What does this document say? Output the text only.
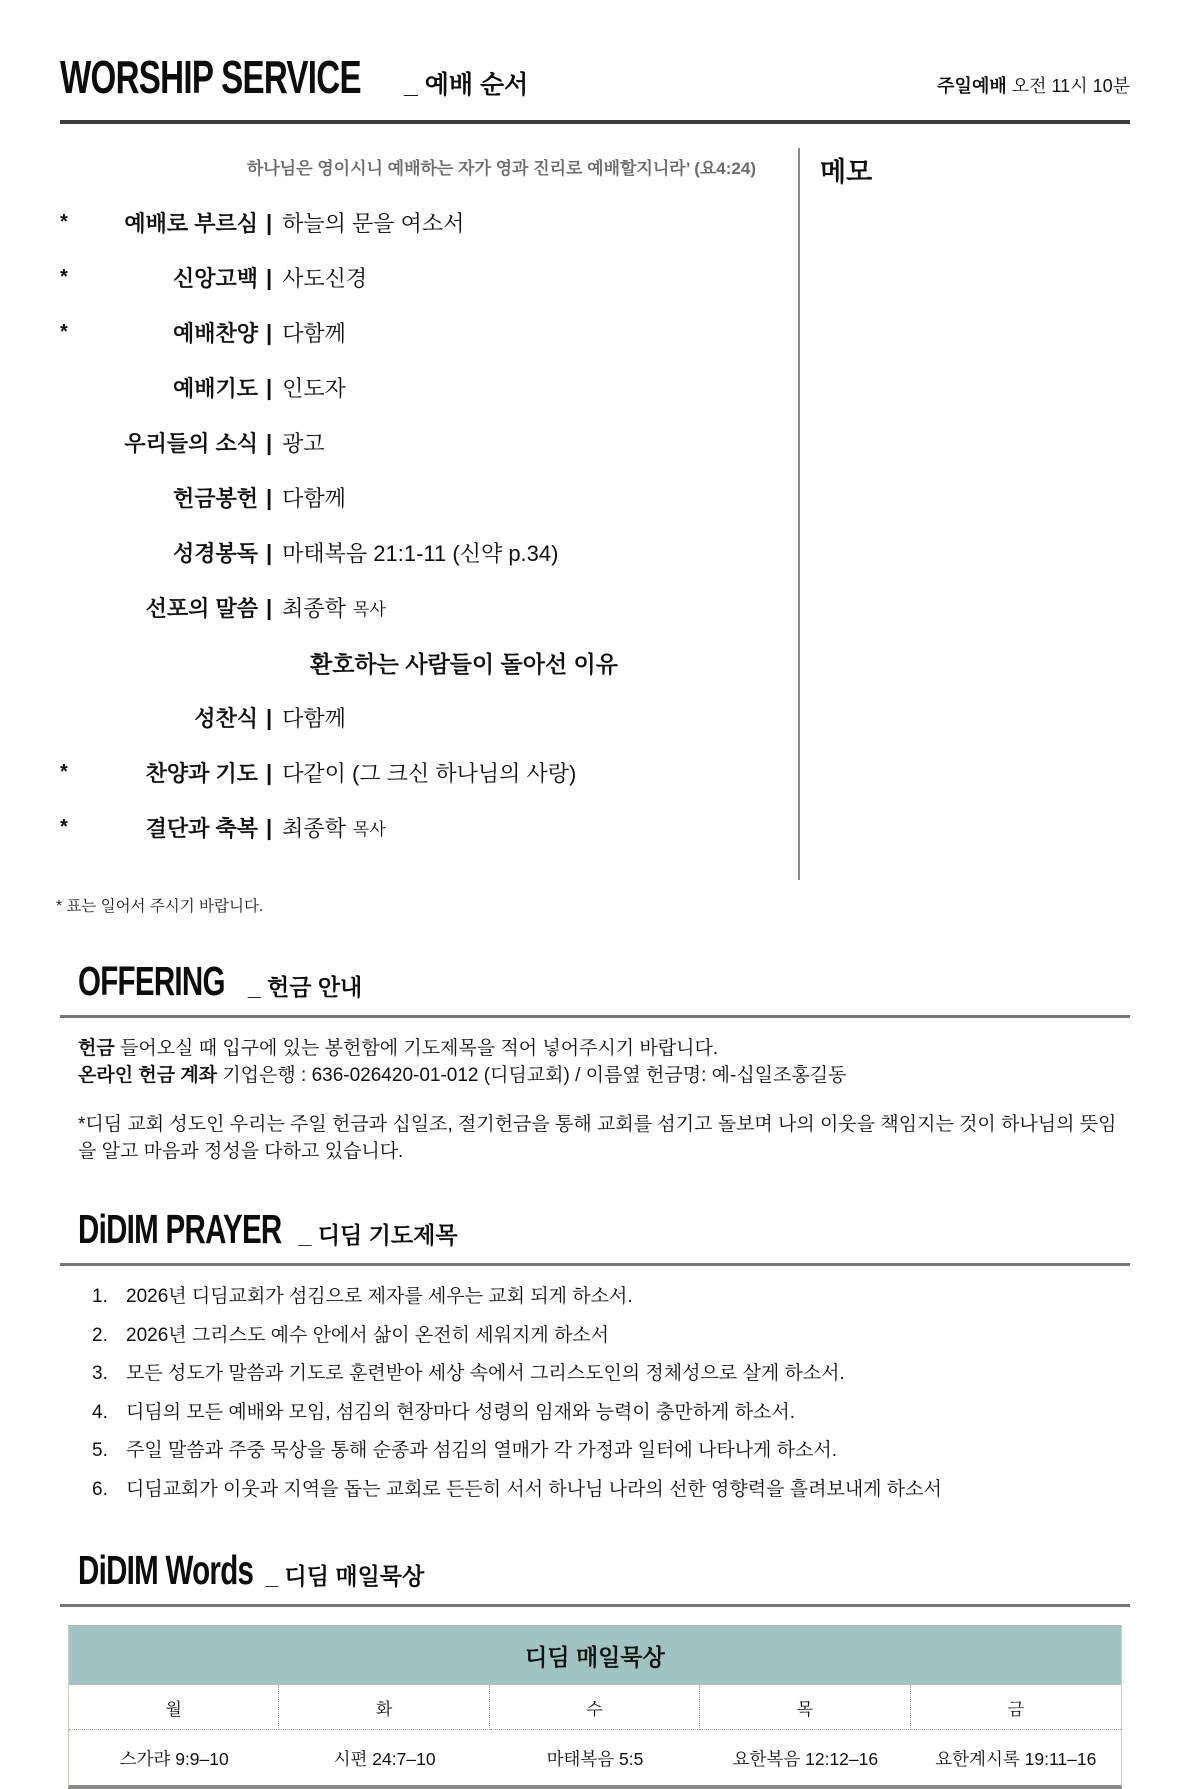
WORSHIP SERVICE _ 예배 순서	주일예배 오전 11시 10분
하나님은 영이시니 예배하는 자가 영과 진리로 예배할지니라’ (요4:24)
*	예배로 부르심 | 하늘의 문을 여소서
*	신앙고백 | 사도신경
*	예배찬양 | 다함께
예배기도 | 인도자
우리들의 소식 | 광고
헌금봉헌 | 다함께
성경봉독 | 마태복음 21:1-11 (신약 p.34)
선포의 말씀 | 최종학 목사
환호하는 사람들이 돌아선 이유
성찬식 | 다함께
*	찬양과 기도 | 다같이 (그 크신 하나님의 사랑)
*	결단과 축복 | 최종학 목사
메모
* 표는 일어서 주시기 바랍니다.
OFFERING _ 헌금 안내
헌금 들어오실 때 입구에 있는 봉헌함에 기도제목을 적어 넣어주시기 바랍니다.
온라인 헌금 계좌 기업은행 : 636-026420-01-012 (디딤교회) / 이름옆 헌금명: 예-십일조홍길동
*디딤 교회 성도인 우리는 주일 헌금과 십일조, 절기헌금을 통해 교회를 섬기고 돌보며 나의 이웃을 책임지는 것이 하나님의 뜻임을 알고 마음과 정성을 다하고 있습니다.
DiDIM PRAYER _ 디딤 기도제목
1. 2026년 디딤교회가 섬김으로 제자를 세우는 교회 되게 하소서.
2. 2026년 그리스도 예수 안에서 삶이 온전히 세워지게 하소서
3. 모든 성도가 말씀과 기도로 훈련받아 세상 속에서 그리스도인의 정체성으로 살게 하소서.
4. 디딤의 모든 예배와 모임, 섬김의 현장마다 성령의 임재와 능력이 충만하게 하소서.
5. 주일 말씀과 주중 묵상을 통해 순종과 섬김의 열매가 각 가정과 일터에 나타나게 하소서.
6. 디딤교회가 이웃과 지역을 돕는 교회로 든든히 서서 하나님 나라의 선한 영향력을 흘려보내게 하소서
DiDIM Words _ 디딤 매일묵상
디딤 매일묵상
월	화	수	목	금
스가랴 9:9–10	시편 24:7–10	마태복음 5:5	요한복음 12:12–16	요한계시록 19:11–16
